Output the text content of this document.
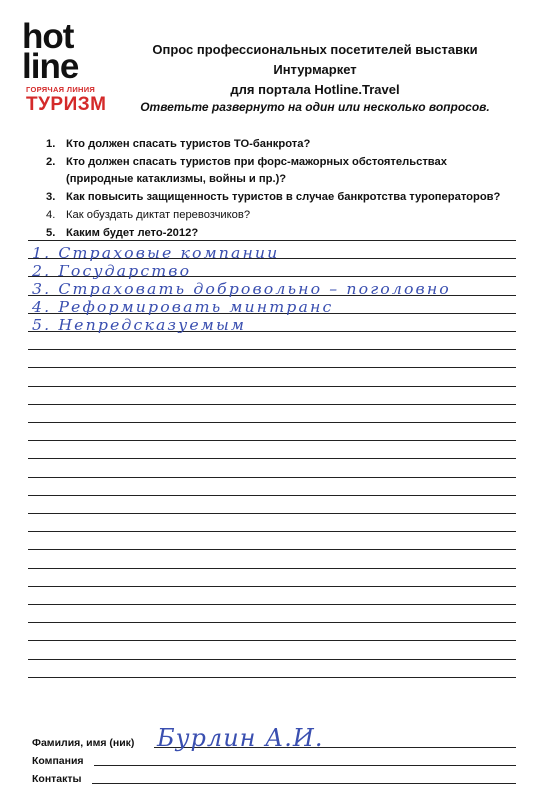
hot
line
ГОРЯЧАЯ ЛИНИЯ
ТУРИЗМ
Опрос профессиональных посетителей выставки Интурмаркет
для портала Hotline.Travel
Ответьте развернуто на один или несколько вопросов.
1. Кто должен спасать туристов ТО-банкрота?
2. Кто должен спасать туристов при форс-мажорных обстоятельствах (природные катаклизмы, войны и пр.)?
3. Как повысить защищенность туристов в случае банкротства туроператоров?
4. Как обуздать диктат перевозчиков?
5. Каким будет лето-2012?
1. Страховые компании
2. Государство
3. Страховать добровольно – поголовно
4. Реформировать минтранс
5. Непредсказуемым
Фамилия, имя (ник) Бурлин А.И.
Компания
Контакты
